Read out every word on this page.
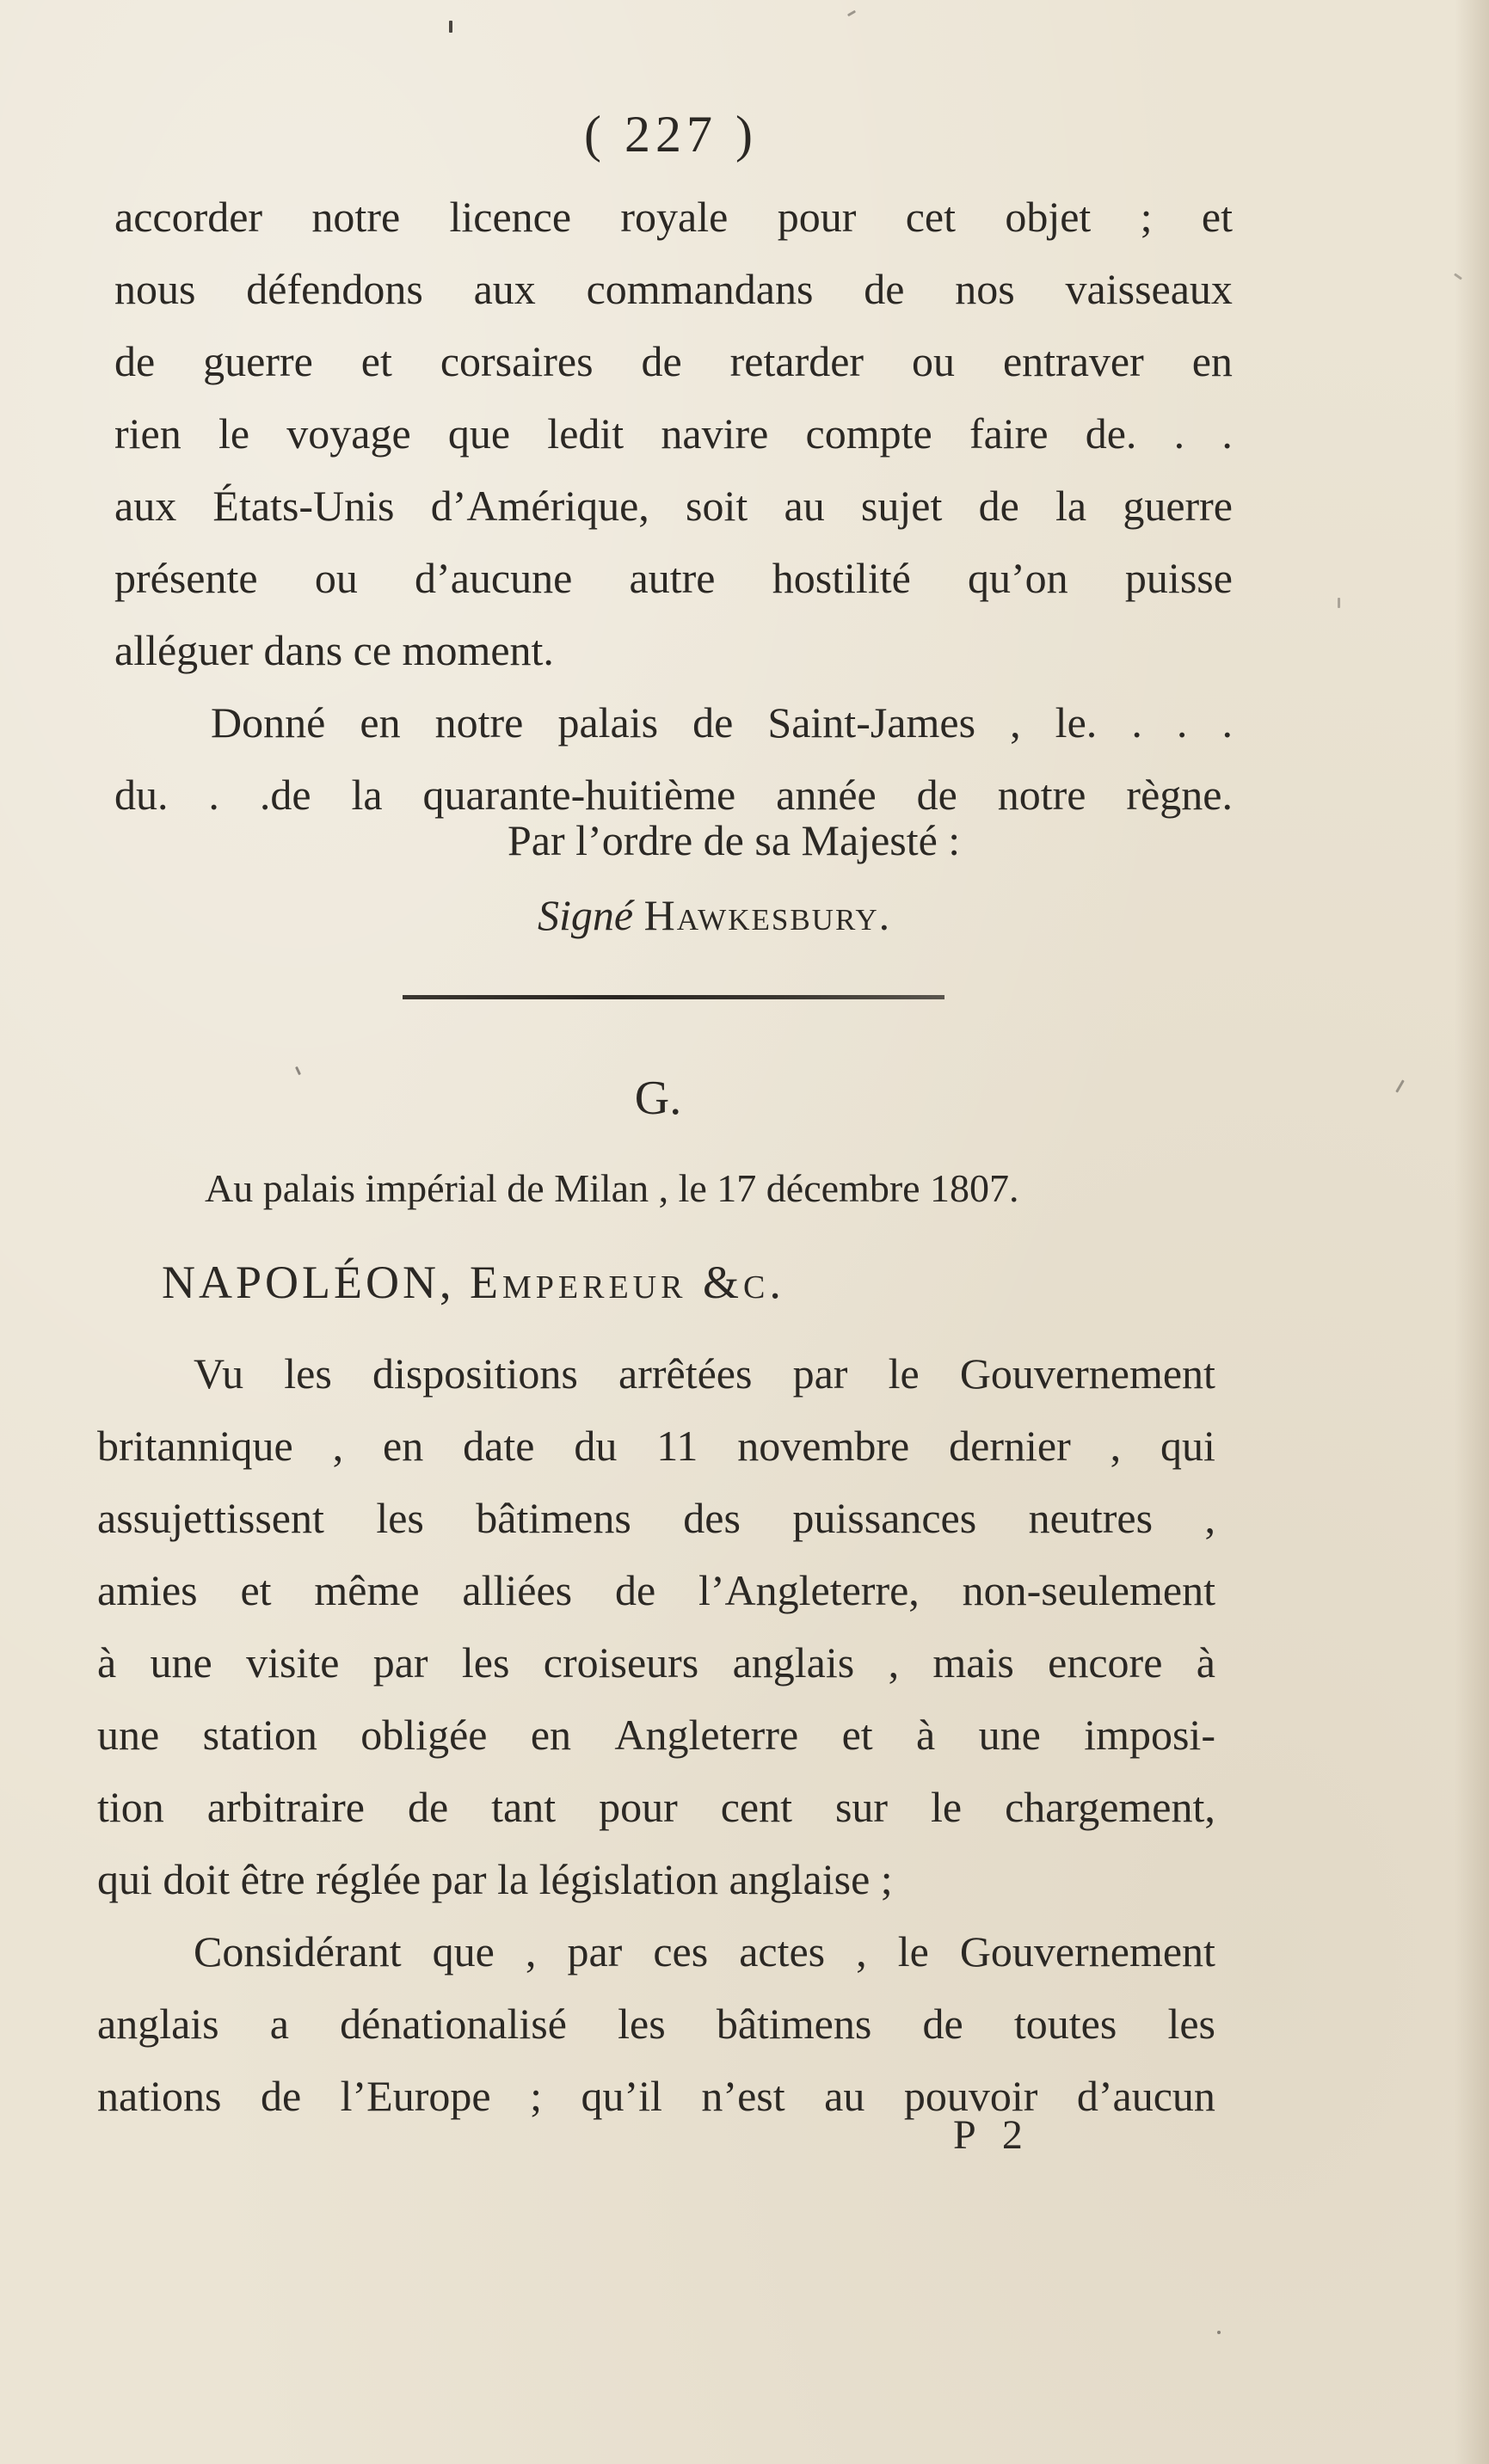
( 227 )
accorder notre licence royale pour cet objet ; et
nous défendons aux commandans de nos vaisseaux
de guerre et corsaires de retarder ou entraver en
rien le voyage que ledit navire compte faire de. . .
aux États-Unis d’Amérique, soit au sujet de la guerre
présente ou d’aucune autre hostilité qu’on puisse
alléguer dans ce moment.
Donné en notre palais de Saint-James , le. . . .
du. . .de la quarante-huitième année de notre règne.
Par l’ordre de sa Majesté :
Signé Hawkesbury.
G.
Au palais impérial de Milan , le 17 décembre 1807.
NAPOLÉON, Empereur &c.
Vu les dispositions arrêtées par le Gouvernement
britannique , en date du 11 novembre dernier , qui
assujettissent les bâtimens des puissances neutres ,
amies et même alliées de l’Angleterre, non-seulement
à une visite par les croiseurs anglais , mais encore à
une station obligée en Angleterre et à une imposi-
tion arbitraire de tant pour cent sur le chargement,
qui doit être réglée par la législation anglaise ;
Considérant que , par ces actes , le Gouvernement
anglais a dénationalisé les bâtimens de toutes les
nations de l’Europe ; qu’il n’est au pouvoir d’aucun
P 2
